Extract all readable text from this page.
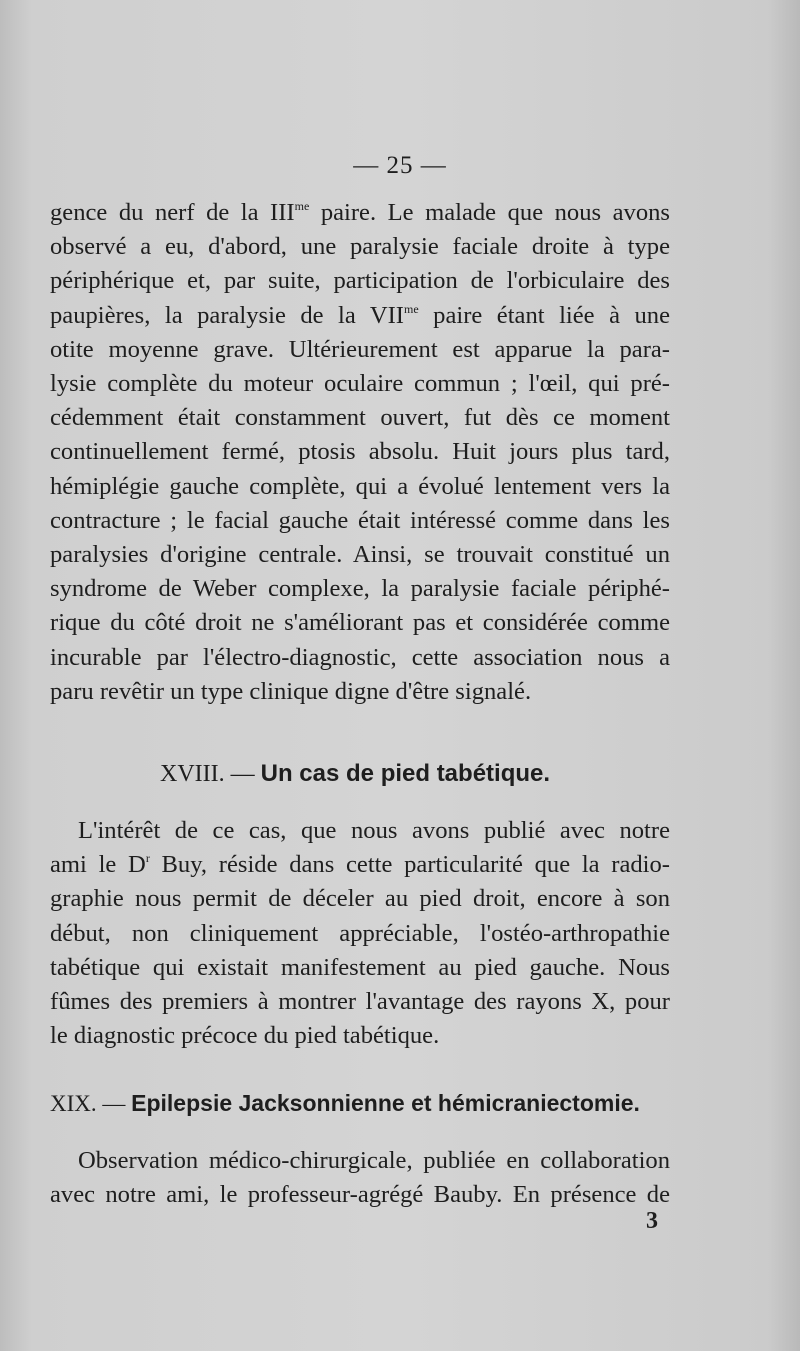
— 25 —
gence du nerf de la $III^{me}$ paire. Le malade que nous avons
observé a eu, d'abord, une paralysie faciale droite à type
périphérique et, par suite, participation de l'orbiculaire des
paupières, la paralysie de la $VII^{me}$ paire étant liée à une
otite moyenne grave. Ultérieurement est apparue la para-
lysie complète du moteur oculaire commun ; l'œil, qui pré-
cédemment était constamment ouvert, fut dès ce moment
continuellement fermé, ptosis absolu. Huit jours plus tard,
hémiplégie gauche complète, qui a évolué lentement vers la
contracture ; le facial gauche était intéressé comme dans les
paralysies d'origine centrale. Ainsi, se trouvait constitué un
syndrome de Weber complexe, la paralysie faciale périphé-
rique du côté droit ne s'améliorant pas et considérée comme
incurable par l'électro-diagnostic, cette association nous a
paru revêtir un type clinique digne d'être signalé.
XVIII. — Un cas de pied tabétique.
L'intérêt de ce cas, que nous avons publié avec notre
ami le $D^r$ Buy, réside dans cette particularité que la radio-
graphie nous permit de déceler au pied droit, encore à son
début, non cliniquement appréciable, l'ostéo-arthropathie
tabétique qui existait manifestement au pied gauche. Nous
fûmes des premiers à montrer l'avantage des rayons X, pour
le diagnostic précoce du pied tabétique.
XIX. — Epilepsie Jacksonnienne et hémicraniectomie.
Observation médico-chirurgicale, publiée en collaboration
avec notre ami, le professeur-agrégé Bauby. En présence de
3
